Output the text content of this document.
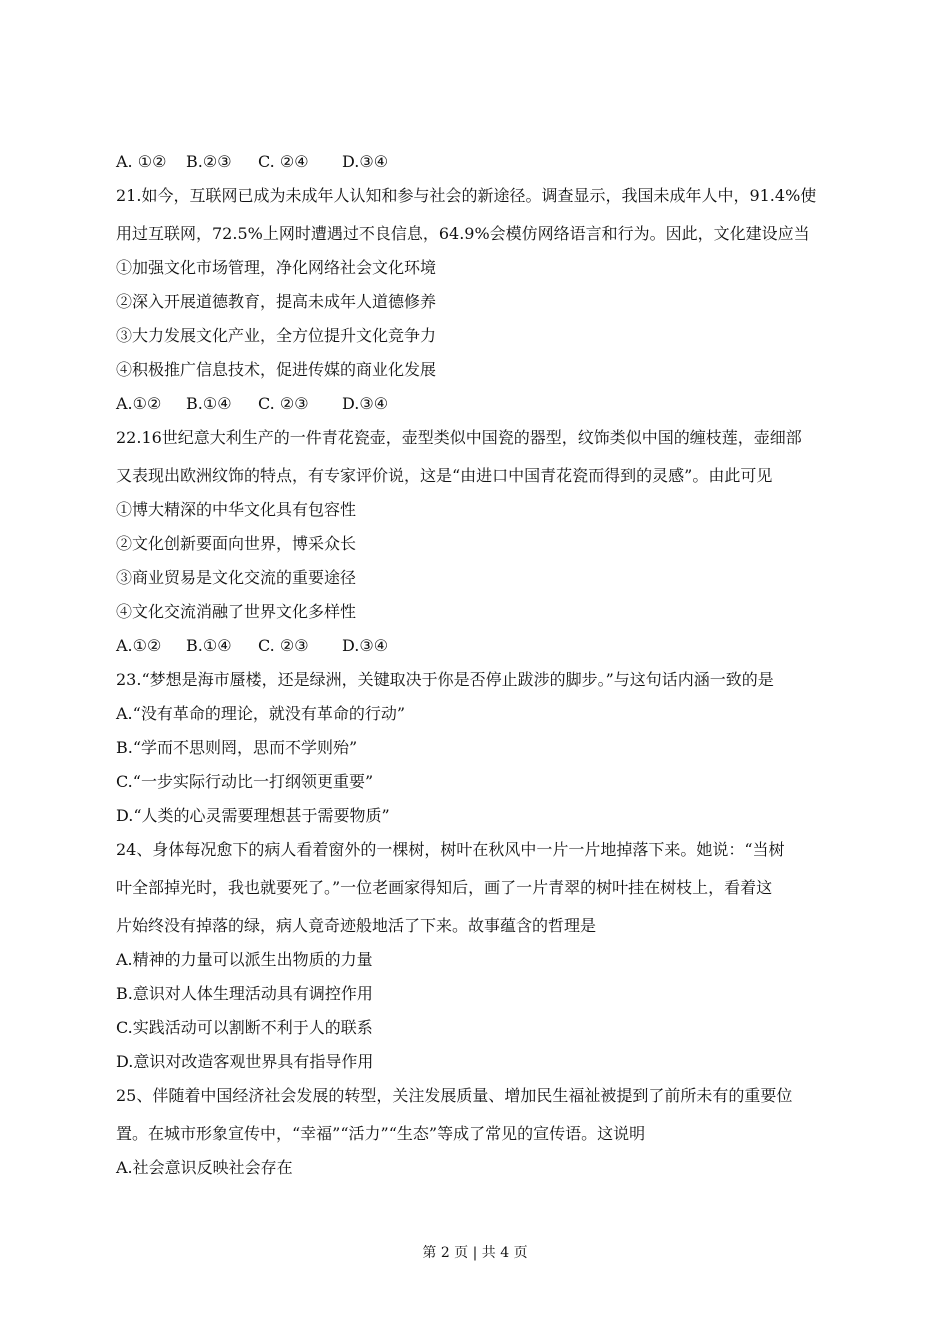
A. ①② B.②③ C. ②④ D.③④
21.如今，互联网已成为未成年人认知和参与社会的新途径。调查显示，我国未成年人中，91.4%使
用过互联网，72.5%上网时遭遇过不良信息，64.9%会模仿网络语言和行为。因此，文化建设应当
①加强文化市场管理，净化网络社会文化环境
②深入开展道德教育，提高未成年人道德修养
③大力发展文化产业，全方位提升文化竞争力
④积极推广信息技术，促进传媒的商业化发展
A.①② B.①④ C. ②③ D.③④
22.16世纪意大利生产的一件青花瓷壶，壶型类似中国瓷的器型，纹饰类似中国的缠枝莲，壶细部
又表现出欧洲纹饰的特点，有专家评价说，这是“由进口中国青花瓷而得到的灵感”。由此可见
①博大精深的中华文化具有包容性
②文化创新要面向世界，博采众长
③商业贸易是文化交流的重要途径
④文化交流消融了世界文化多样性
A.①② B.①④ C. ②③ D.③④
23.“梦想是海市蜃楼，还是绿洲，关键取决于你是否停止跋涉的脚步。”与这句话内涵一致的是
A.“没有革命的理论，就没有革命的行动”
B.“学而不思则罔，思而不学则殆”
C.“一步实际行动比一打纲领更重要”
D.“人类的心灵需要理想甚于需要物质”
24、身体每况愈下的病人看着窗外的一棵树，树叶在秋风中一片一片地掉落下来。她说：“当树
叶全部掉光时，我也就要死了。”一位老画家得知后，画了一片青翠的树叶挂在树枝上，看着这
片始终没有掉落的绿，病人竟奇迹般地活了下来。故事蕴含的哲理是
A.精神的力量可以派生出物质的力量
B.意识对人体生理活动具有调控作用
C.实践活动可以割断不利于人的联系
D.意识对改造客观世界具有指导作用
25、伴随着中国经济社会发展的转型，关注发展质量、增加民生福祉被提到了前所未有的重要位
置。在城市形象宣传中，“幸福”“活力”“生态”等成了常见的宣传语。这说明
A.社会意识反映社会存在
第 2 页 | 共 4 页
